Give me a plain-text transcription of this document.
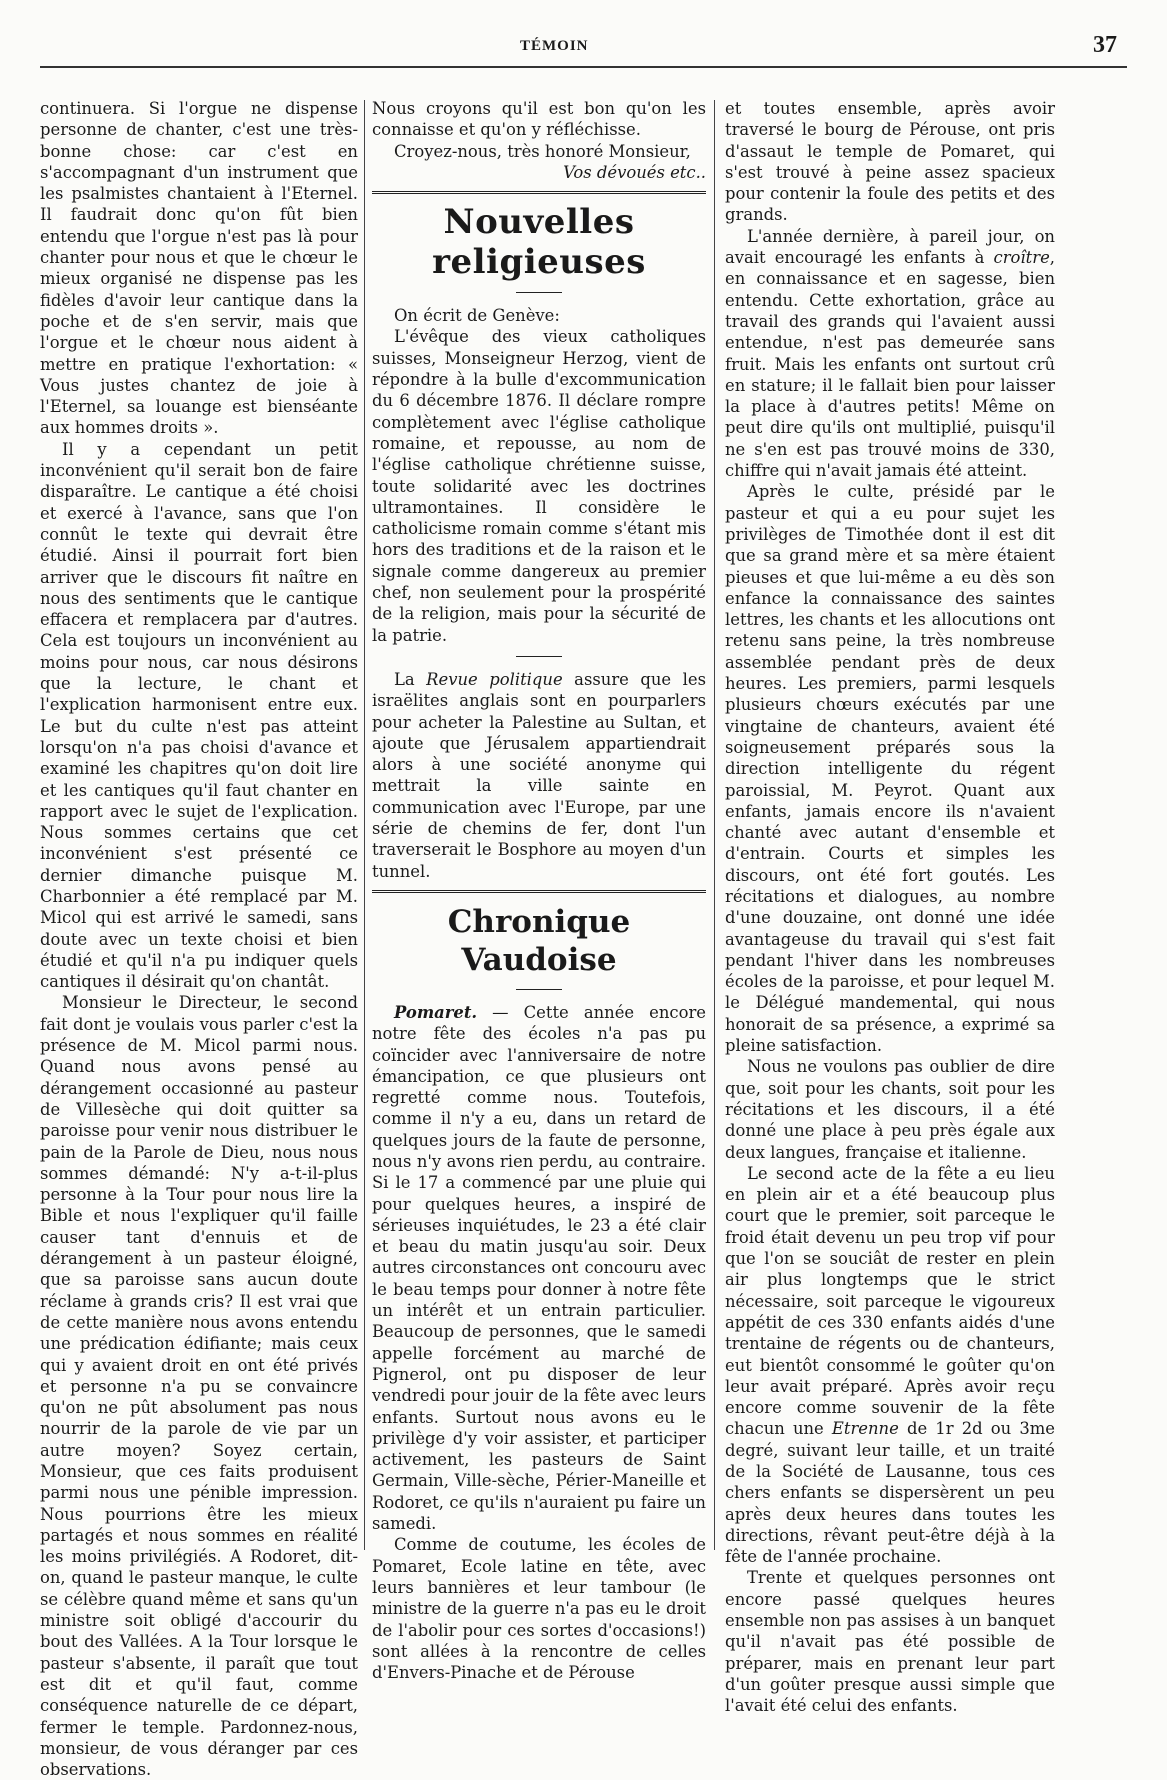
TÉMOIN	37

continuera. Si l'orgue ne dispense personne de chanter, c'est une très-bonne chose: car c'est en s'accompagnant d'un instrument que les psalmistes chantaient à l'Eternel. Il faudrait donc qu'on fût bien entendu que l'orgue n'est pas là pour chanter pour nous et que le chœur le mieux organisé ne dispense pas les fidèles d'avoir leur cantique dans la poche et de s'en servir, mais que l'orgue et le chœur nous aident à mettre en pratique l'exhortation: « Vous justes chantez de joie à l'Eternel, sa louange est bienséante aux hommes droits ».

Il y a cependant un petit inconvénient qu'il serait bon de faire disparaître. Le cantique a été choisi et exercé à l'avance, sans que l'on connût le texte qui devrait être étudié. Ainsi il pourrait fort bien arriver que le discours fit naître en nous des sentiments que le cantique effacera et remplacera par d'autres. Cela est toujours un inconvénient au moins pour nous, car nous désirons que la lecture, le chant et l'explication harmonisent entre eux. Le but du culte n'est pas atteint lorsqu'on n'a pas choisi d'avance et examiné les chapitres qu'on doit lire et les cantiques qu'il faut chanter en rapport avec le sujet de l'explication. Nous sommes certains que cet inconvénient s'est présenté ce dernier dimanche puisque M. Charbonnier a été remplacé par M. Micol qui est arrivé le samedi, sans doute avec un texte choisi et bien étudié et qu'il n'a pu indiquer quels cantiques il désirait qu'on chantât.

Monsieur le Directeur, le second fait dont je voulais vous parler c'est la présence de M. Micol parmi nous. Quand nous avons pensé au dérangement occasionné au pasteur de Villesèche qui doit quitter sa paroisse pour venir nous distribuer le pain de la Parole de Dieu, nous nous sommes démandé: N'y a-t-il-plus personne à la Tour pour nous lire la Bible et nous l'expliquer qu'il faille causer tant d'ennuis et de dérangement à un pasteur éloigné, que sa paroisse sans aucun doute réclame à grands cris? Il est vrai que de cette manière nous avons entendu une prédication édifiante; mais ceux qui y avaient droit en ont été privés et personne n'a pu se convaincre qu'on ne pût absolument pas nous nourrir de la parole de vie par un autre moyen? Soyez certain, Monsieur, que ces faits produisent parmi nous une pénible impression. Nous pourrions être les mieux partagés et nous sommes en réalité les moins privilégiés. A Rodoret, dit-on, quand le pasteur manque, le culte se célèbre quand même et sans qu'un ministre soit obligé d'accourir du bout des Vallées. A la Tour lorsque le pasteur s'absente, il paraît que tout est dit et qu'il faut, comme conséquence naturelle de ce départ, fermer le temple. Pardonnez-nous, monsieur, de vous déranger par ces observations.

Nous croyons qu'il est bon qu'on les connaisse et qu'on y réfléchisse.

Croyez-nous, très honoré Monsieur,

Vos dévoués etc..

Nouvelles religieuses

On écrit de Genève:

L'évêque des vieux catholiques suisses, Monseigneur Herzog, vient de répondre à la bulle d'excommunication du 6 décembre 1876. Il déclare rompre complètement avec l'église catholique romaine, et repousse, au nom de l'église catholique chrétienne suisse, toute solidarité avec les doctrines ultramontaines. Il considère le catholicisme romain comme s'étant mis hors des traditions et de la raison et le signale comme dangereux au premier chef, non seulement pour la prospérité de la religion, mais pour la sécurité de la patrie.

La Revue politique assure que les israëlites anglais sont en pourparlers pour acheter la Palestine au Sultan, et ajoute que Jérusalem appartiendrait alors à une société anonyme qui mettrait la ville sainte en communication avec l'Europe, par une série de chemins de fer, dont l'un traverserait le Bosphore au moyen d'un tunnel.

Chronique Vaudoise

Pomaret. — Cette année encore notre fête des écoles n'a pas pu coïncider avec l'anniversaire de notre émancipation, ce que plusieurs ont regretté comme nous. Toutefois, comme il n'y a eu, dans un retard de quelques jours de la faute de personne, nous n'y avons rien perdu, au contraire. Si le 17 a commencé par une pluie qui pour quelques heures, a inspiré de sérieuses inquiétudes, le 23 a été clair et beau du matin jusqu'au soir. Deux autres circonstances ont concouru avec le beau temps pour donner à notre fête un intérêt et un entrain particulier. Beaucoup de personnes, que le samedi appelle forcément au marché de Pignerol, ont pu disposer de leur vendredi pour jouir de la fête avec leurs enfants. Surtout nous avons eu le privilège d'y voir assister, et participer activement, les pasteurs de Saint Germain, Ville-sèche, Périer-Maneille et Rodoret, ce qu'ils n'auraient pu faire un samedi.

Comme de coutume, les écoles de Pomaret, Ecole latine en tête, avec leurs bannières et leur tambour (le ministre de la guerre n'a pas eu le droit de l'abolir pour ces sortes d'occasions!) sont allées à la rencontre de celles d'Envers-Pinache et de Pérouse

et toutes ensemble, après avoir traversé le bourg de Pérouse, ont pris d'assaut le temple de Pomaret, qui s'est trouvé à peine assez spacieux pour contenir la foule des petits et des grands.

L'année dernière, à pareil jour, on avait encouragé les enfants à croître, en connaissance et en sagesse, bien entendu. Cette exhortation, grâce au travail des grands qui l'avaient aussi entendue, n'est pas demeurée sans fruit. Mais les enfants ont surtout crû en stature; il le fallait bien pour laisser la place à d'autres petits! Même on peut dire qu'ils ont multiplié, puisqu'il ne s'en est pas trouvé moins de 330, chiffre qui n'avait jamais été atteint.

Après le culte, présidé par le pasteur et qui a eu pour sujet les privilèges de Timothée dont il est dit que sa grand mère et sa mère étaient pieuses et que lui-même a eu dès son enfance la connaissance des saintes lettres, les chants et les allocutions ont retenu sans peine, la très nombreuse assemblée pendant près de deux heures. Les premiers, parmi lesquels plusieurs chœurs exécutés par une vingtaine de chanteurs, avaient été soigneusement préparés sous la direction intelligente du régent paroissial, M. Peyrot. Quant aux enfants, jamais encore ils n'avaient chanté avec autant d'ensemble et d'entrain. Courts et simples les discours, ont été fort goutés. Les récitations et dialogues, au nombre d'une douzaine, ont donné une idée avantageuse du travail qui s'est fait pendant l'hiver dans les nombreuses écoles de la paroisse, et pour lequel M. le Délégué mandemental, qui nous honorait de sa présence, a exprimé sa pleine satisfaction.

Nous ne voulons pas oublier de dire que, soit pour les chants, soit pour les récitations et les discours, il a été donné une place à peu près égale aux deux langues, française et italienne.

Le second acte de la fête a eu lieu en plein air et a été beaucoup plus court que le premier, soit parceque le froid était devenu un peu trop vif pour que l'on se souciât de rester en plein air plus longtemps que le strict nécessaire, soit parceque le vigoureux appétit de ces 330 enfants aidés d'une trentaine de régents ou de chanteurs, eut bientôt consommé le goûter qu'on leur avait préparé. Après avoir reçu encore comme souvenir de la fête chacun une Etrenne de 1r 2d ou 3me degré, suivant leur taille, et un traité de la Société de Lausanne, tous ces chers enfants se dispersèrent un peu après deux heures dans toutes les directions, rêvant peut-être déjà à la fête de l'année prochaine.

Trente et quelques personnes ont encore passé quelques heures ensemble non pas assises à un banquet qu'il n'avait pas été possible de préparer, mais en prenant leur part d'un goûter presque aussi simple que l'avait été celui des enfants.
